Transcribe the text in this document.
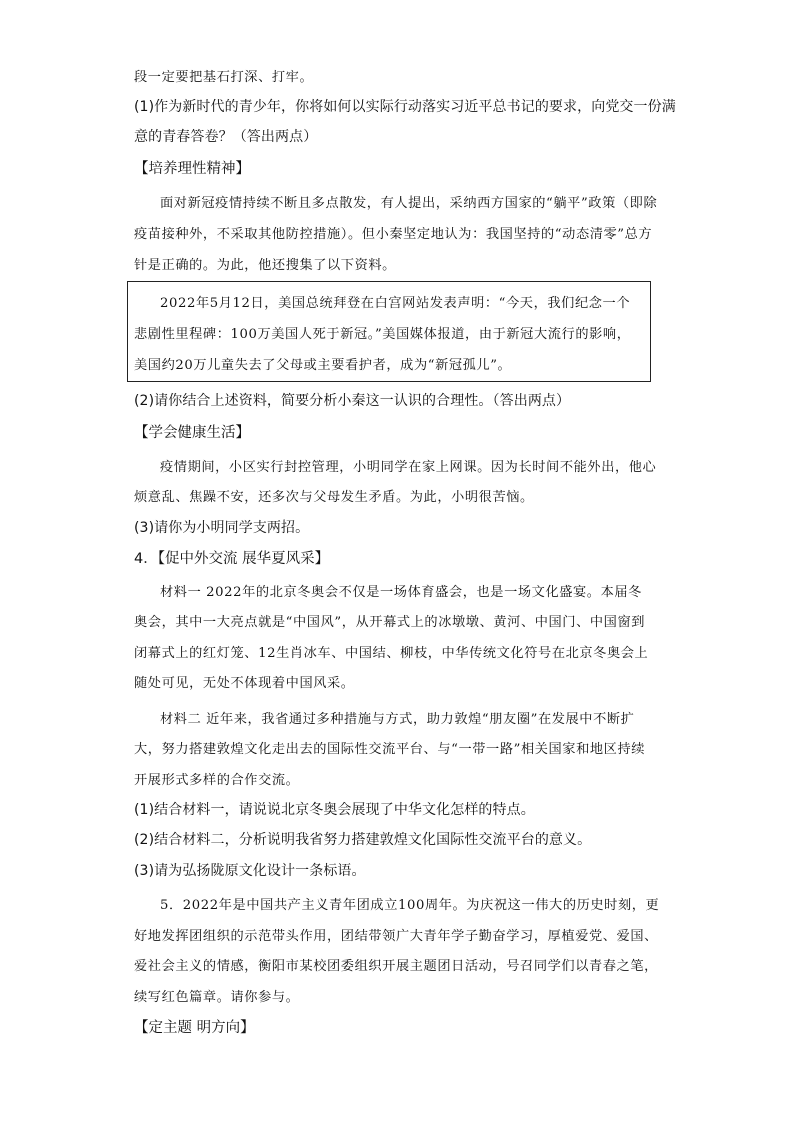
段一定要把基石打深、打牢。

(1)作为新时代的青少年，你将如何以实际行动落实习近平总书记的要求，向党交一份满

意的青春答卷？（答出两点）

【培养理性精神】

面对新冠疫情持续不断且多点散发，有人提出，采纳西方国家的“躺平”政策（即除

疫苗接种外，不采取其他防控措施）。但小秦坚定地认为：我国坚持的“动态清零”总方

针是正确的。为此，他还搜集了以下资料。

2022年5月12日，美国总统拜登在白宫网站发表声明：“今天，我们纪念一个

悲剧性里程碑：100万美国人死于新冠。”美国媒体报道，由于新冠大流行的影响，

美国约20万儿童失去了父母或主要看护者，成为“新冠孤儿”。

(2)请你结合上述资料，简要分析小秦这一认识的合理性。（答出两点）

【学会健康生活】

疫情期间，小区实行封控管理，小明同学在家上网课。因为长时间不能外出，他心

烦意乱、焦躁不安，还多次与父母发生矛盾。为此，小明很苦恼。

(3)请你为小明同学支两招。

4．【促中外交流 展华夏风采】

材料一 2022年的北京冬奥会不仅是一场体育盛会，也是一场文化盛宴。本届冬

奥会，其中一大亮点就是“中国风”，从开幕式上的冰墩墩、黄河、中国门、中国窗到

闭幕式上的红灯笼、12生肖冰车、中国结、柳枝，中华传统文化符号在北京冬奥会上

随处可见，无处不体现着中国风采。

材料二 近年来，我省通过多种措施与方式，助力敦煌“朋友圈”在发展中不断扩

大，努力搭建敦煌文化走出去的国际性交流平台、与“一带一路”相关国家和地区持续

开展形式多样的合作交流。

(1)结合材料一，请说说北京冬奥会展现了中华文化怎样的特点。

(2)结合材料二，分析说明我省努力搭建敦煌文化国际性交流平台的意义。

(3)请为弘扬陇原文化设计一条标语。

5．2022年是中国共产主义青年团成立100周年。为庆祝这一伟大的历史时刻，更

好地发挥团组织的示范带头作用，团结带领广大青年学子勤奋学习，厚植爱党、爱国、

爱社会主义的情感，衡阳市某校团委组织开展主题团日活动，号召同学们以青春之笔，

续写红色篇章。请你参与。

【定主题 明方向】
